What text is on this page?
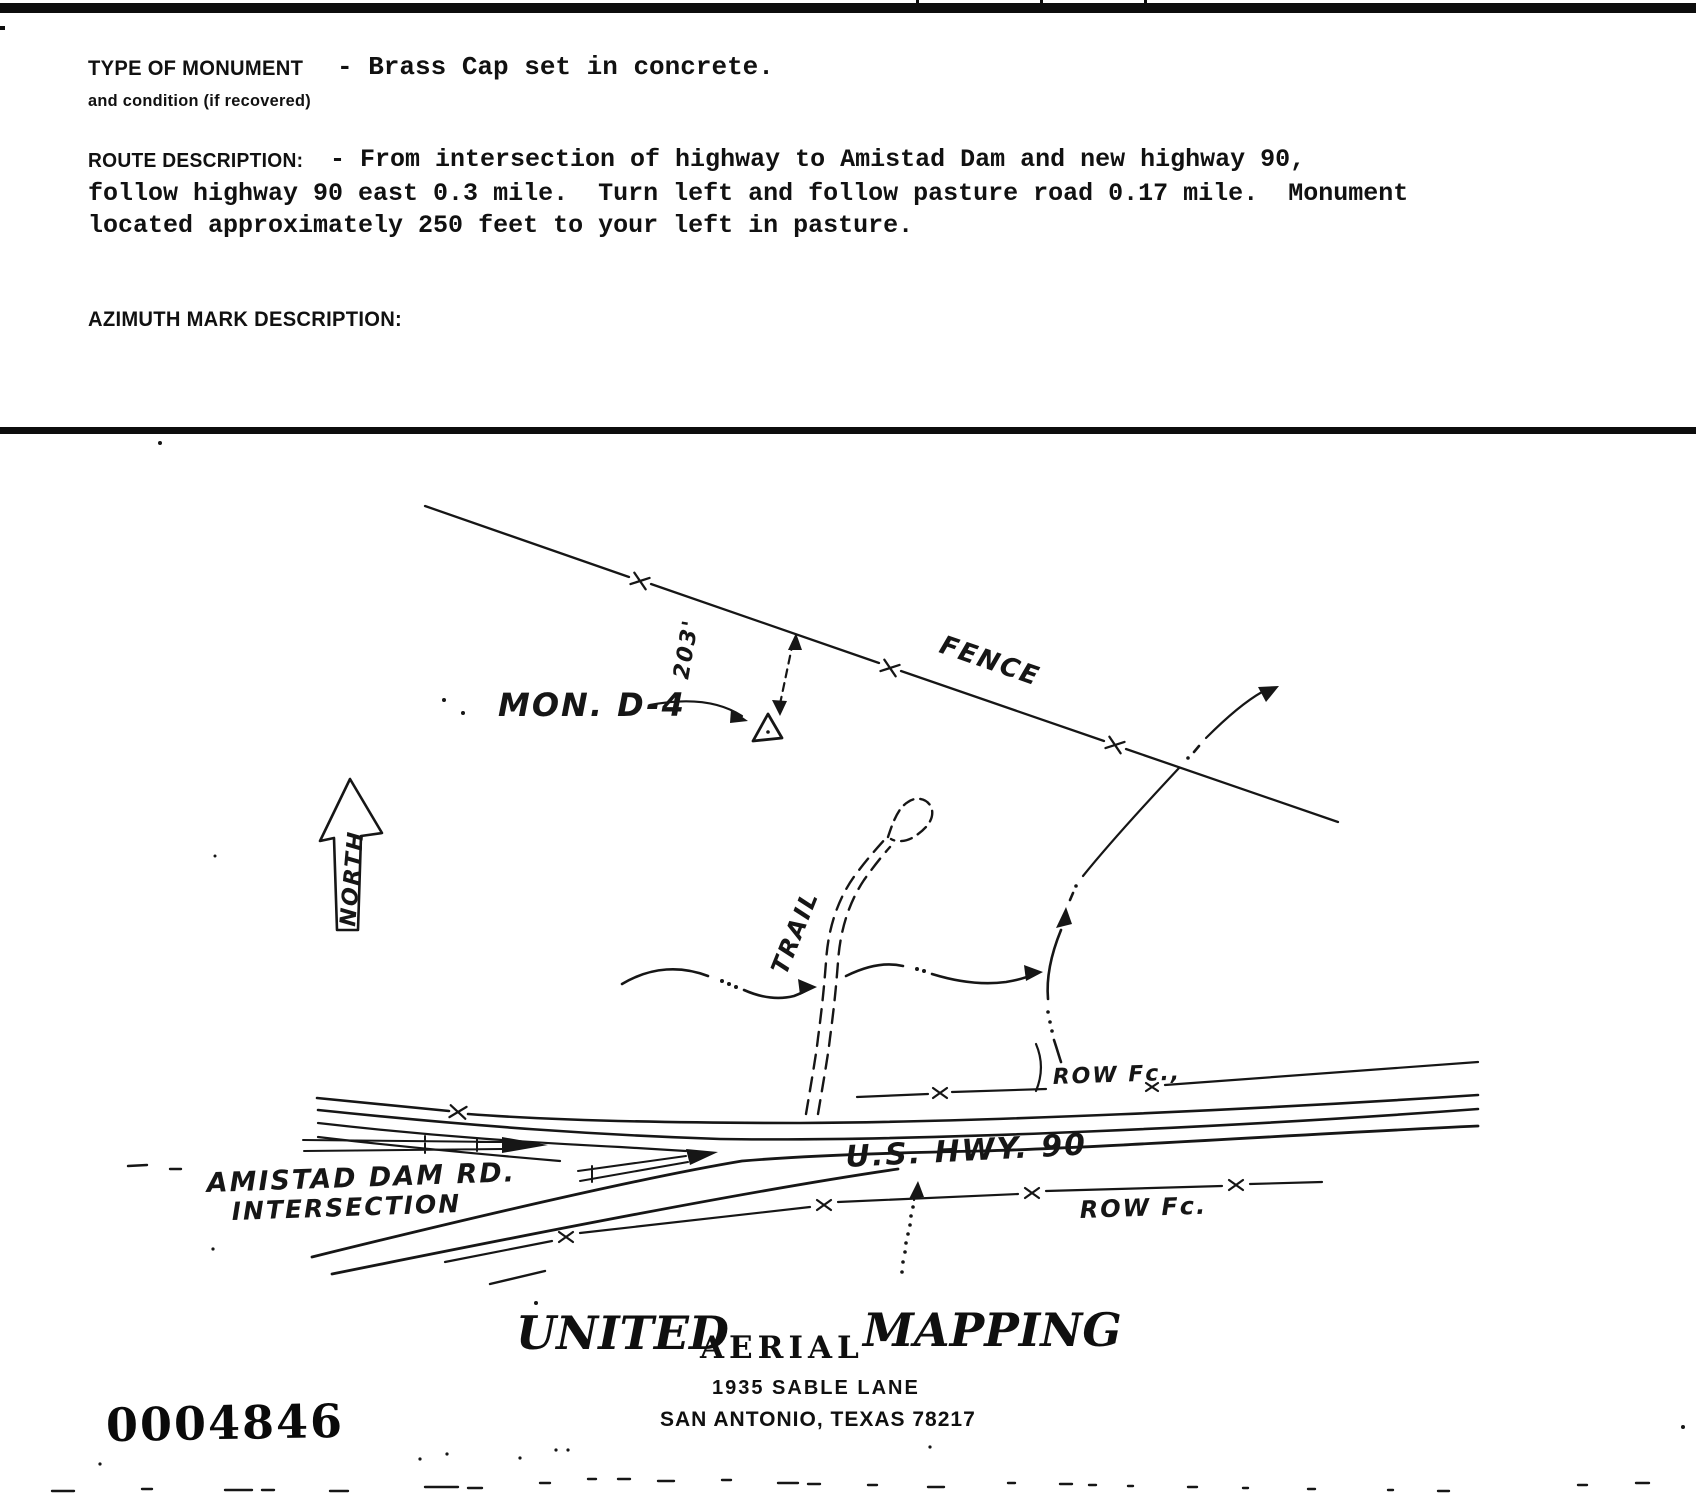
TYPE OF MONUMENT - Brass Cap set in concrete.
and condition (if recovered)
ROUTE DESCRIPTION: - From intersection of highway to Amistad Dam and new highway 90,
follow highway 90 east 0.3 mile.  Turn left and follow pasture road 0.17 mile.  Monument
located approximately 250 feet to your left in pasture.
AZIMUTH MARK DESCRIPTION:
FENCE
203'
MON. D-4
NORTH
TRAIL
ROW Fc.,
ROW Fc.
U.S. HWY. 90
AMISTAD DAM RD.
INTERSECTION
UNITED
AERIAL MAPPING
1935 SABLE LANE
SAN ANTONIO, TEXAS 78217
0004846
